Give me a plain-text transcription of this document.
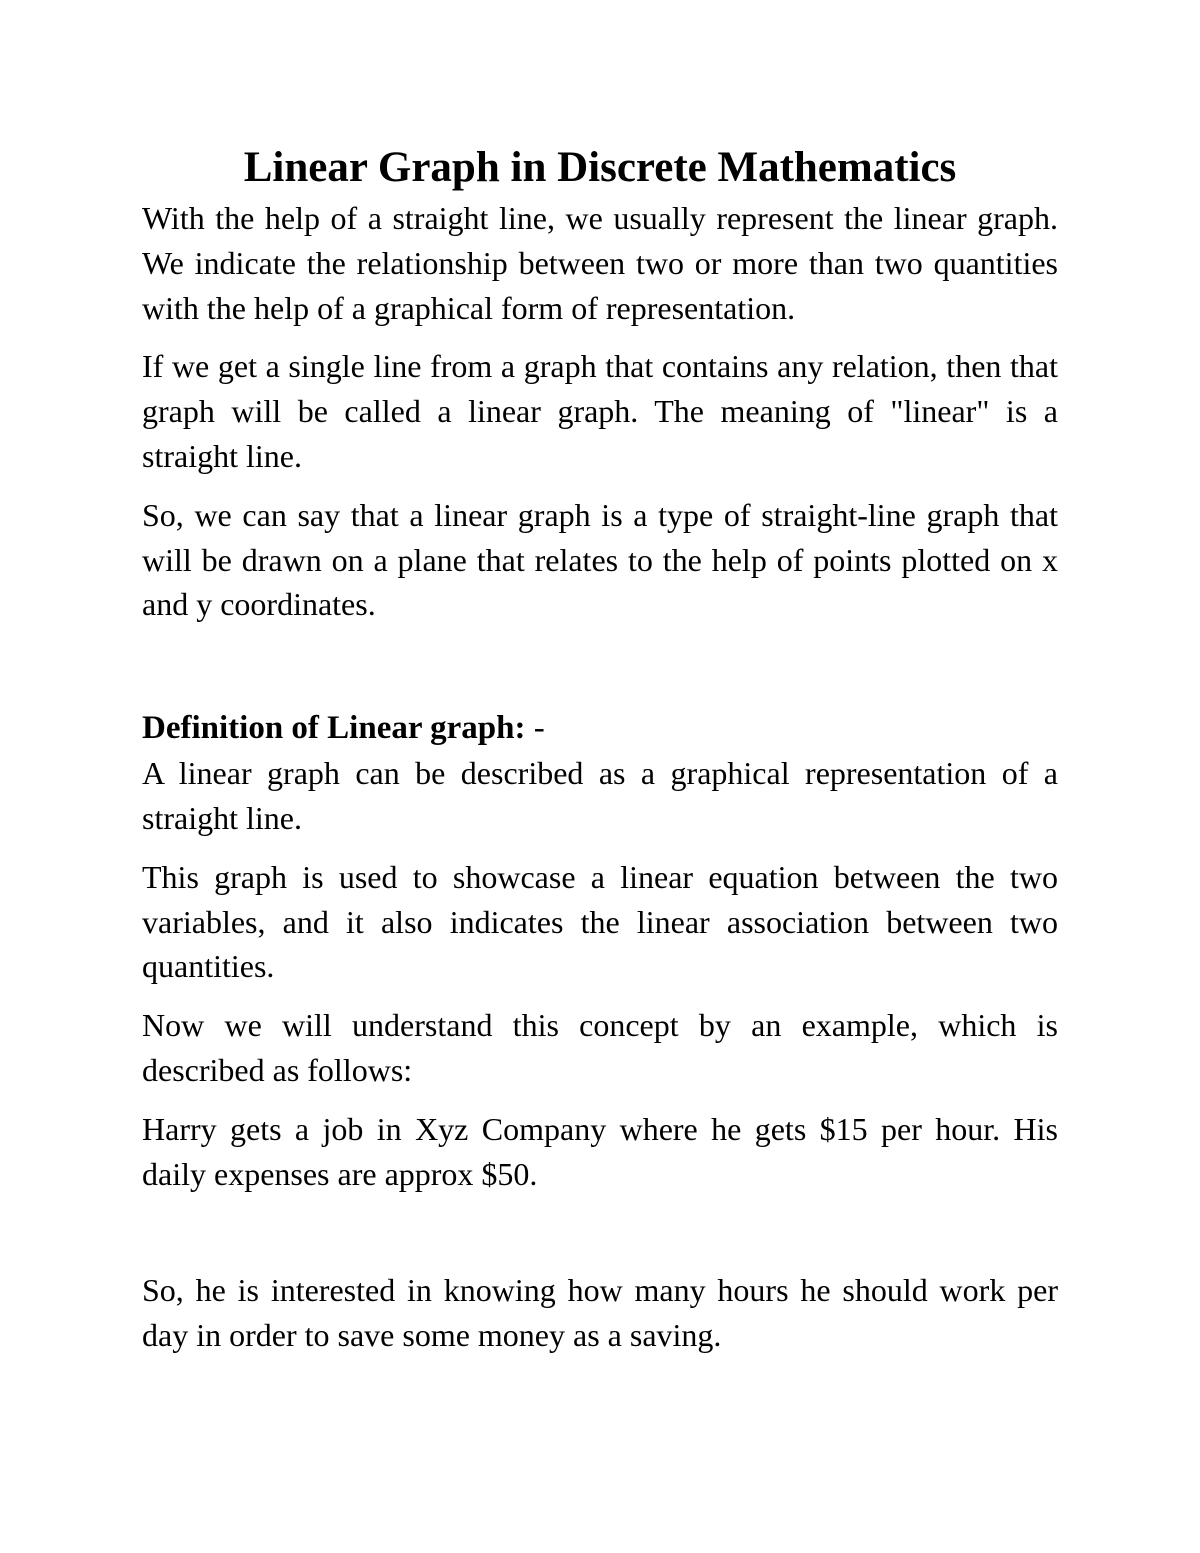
Linear Graph in Discrete Mathematics

With the help of a straight line, we usually represent the linear graph. We indicate the relationship between two or more than two quantities with the help of a graphical form of representation.

If we get a single line from a graph that contains any relation, then that graph will be called a linear graph. The meaning of "linear" is a straight line.

So, we can say that a linear graph is a type of straight-line graph that will be drawn on a plane that relates to the help of points plotted on x and y coordinates.

Definition of Linear graph: -

A linear graph can be described as a graphical representation of a straight line.

This graph is used to showcase a linear equation between the two variables, and it also indicates the linear association between two quantities.

Now we will understand this concept by an example, which is described as follows:

Harry gets a job in Xyz Company where he gets $15 per hour. His daily expenses are approx $50.

So, he is interested in knowing how many hours he should work per day in order to save some money as a saving.
